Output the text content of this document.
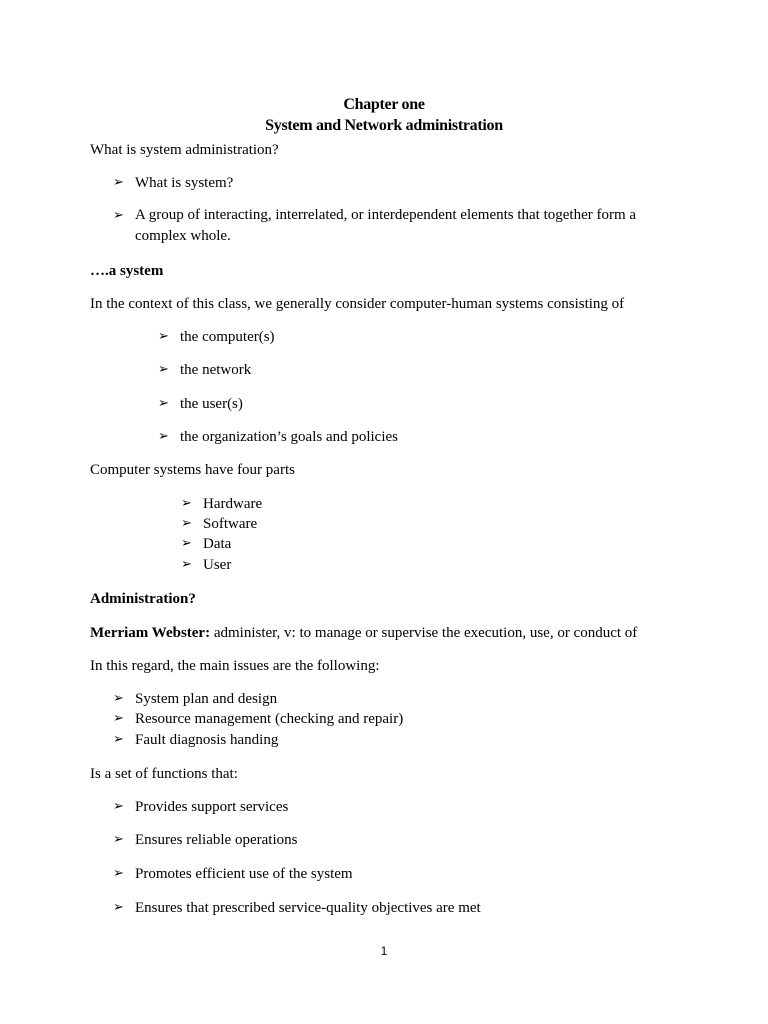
Chapter one
System and Network administration
What is system administration?
➢ What is system?
➢ A group of interacting, interrelated, or interdependent elements that together form a complex whole.
….a system
In the context of this class, we generally consider computer-human systems consisting of
➢ the computer(s)
➢ the network
➢ the user(s)
➢ the organization’s goals and policies
Computer systems have four parts
➢ Hardware
➢ Software
➢ Data
➢ User
Administration?
Merriam Webster: administer, v: to manage or supervise the execution, use, or conduct of
In this regard, the main issues are the following:
➢ System plan and design
➢ Resource management (checking and repair)
➢ Fault diagnosis handing
Is a set of functions that:
➢ Provides support services
➢ Ensures reliable operations
➢ Promotes efficient use of the system
➢ Ensures that prescribed service-quality objectives are met
1
